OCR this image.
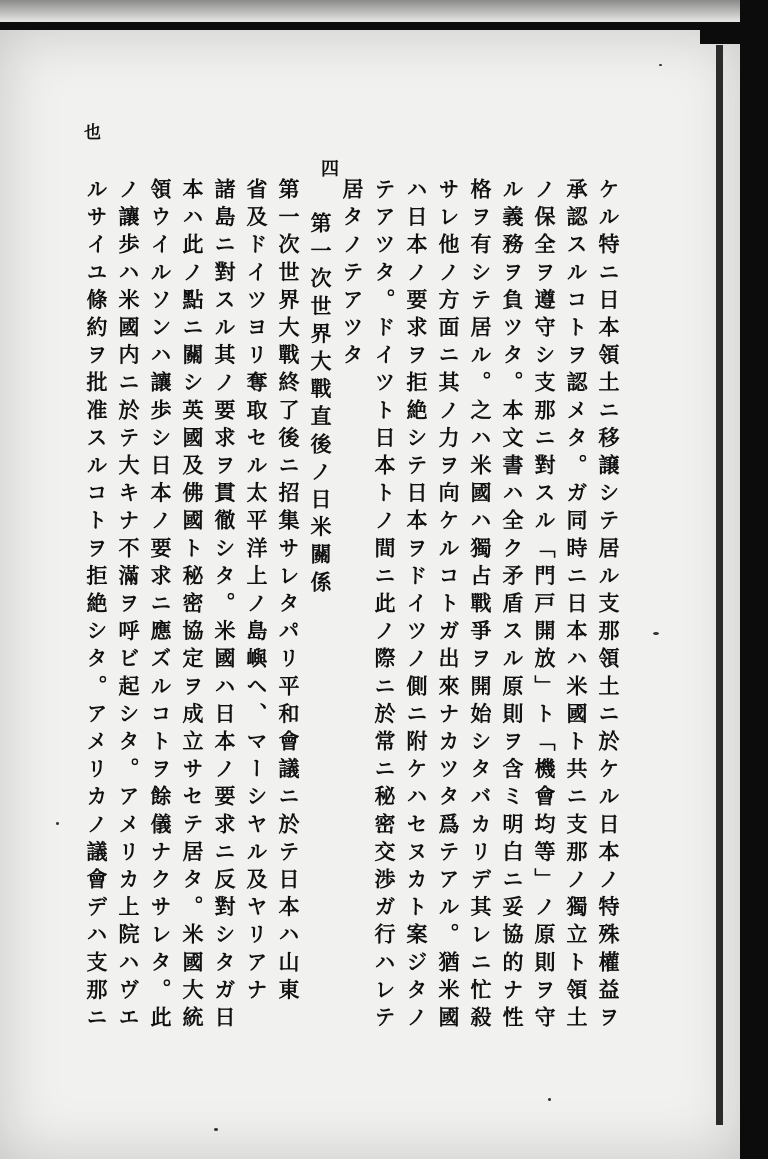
也
四
ケル特ニ日本領土ニ移譲シテ居ル支那領土ニ於ケル日本ノ特殊權益ヲ
承認スルコトヲ認メタ。ガ同時ニ日本ハ米國ト共ニ支那ノ獨立ト領土
ノ保全ヲ遵守シ支那ニ對スル「門戸開放」ト「機會均等」ノ原則ヲ守
ル義務ヲ負ツタ。本文書ハ全ク矛盾スル原則ヲ含ミ明白ニ妥協的ナ性
格ヲ有シテ居ル。之ハ米國ハ獨占戰爭ヲ開始シタバカリデ其レニ忙殺
サレ他ノ方面ニ其ノ力ヲ向ケルコトガ出來ナカツタ爲テアル。猶米國
ハ日本ノ要求ヲ拒絶シテ日本ヲドイツノ側ニ附ケハセヌカト案ジタノ
テアツタ。ドイツト日本トノ間ニ此ノ際ニ於常ニ秘密交渉ガ行ハレテ
居タノテアツタ
第一次世界大戰直後ノ日米關係
第一次世界大戰終了後ニ招集サレタパリ平和會議ニ於テ日本ハ山東
省及ドイツヨリ奪取セル太平洋上ノ島嶼ヘ、マーシヤル及ヤリアナ
諸島ニ對スル其ノ要求ヲ貫徹シタ。米國ハ日本ノ要求ニ反對シタガ日
本ハ此ノ點ニ關シ英國及佛國ト秘密協定ヲ成立サセテ居タ。米國大統
領ウイルソンハ讓歩シ日本ノ要求ニ應ズルコトヲ餘儀ナクサレタ。此
ノ讓歩ハ米國内ニ於テ大キナ不滿ヲ呼ビ起シタ。アメリカ上院ハヴエ
ルサイユ條約ヲ批准スルコトヲ拒絶シタ。アメリカノ議會デハ支那ニ
